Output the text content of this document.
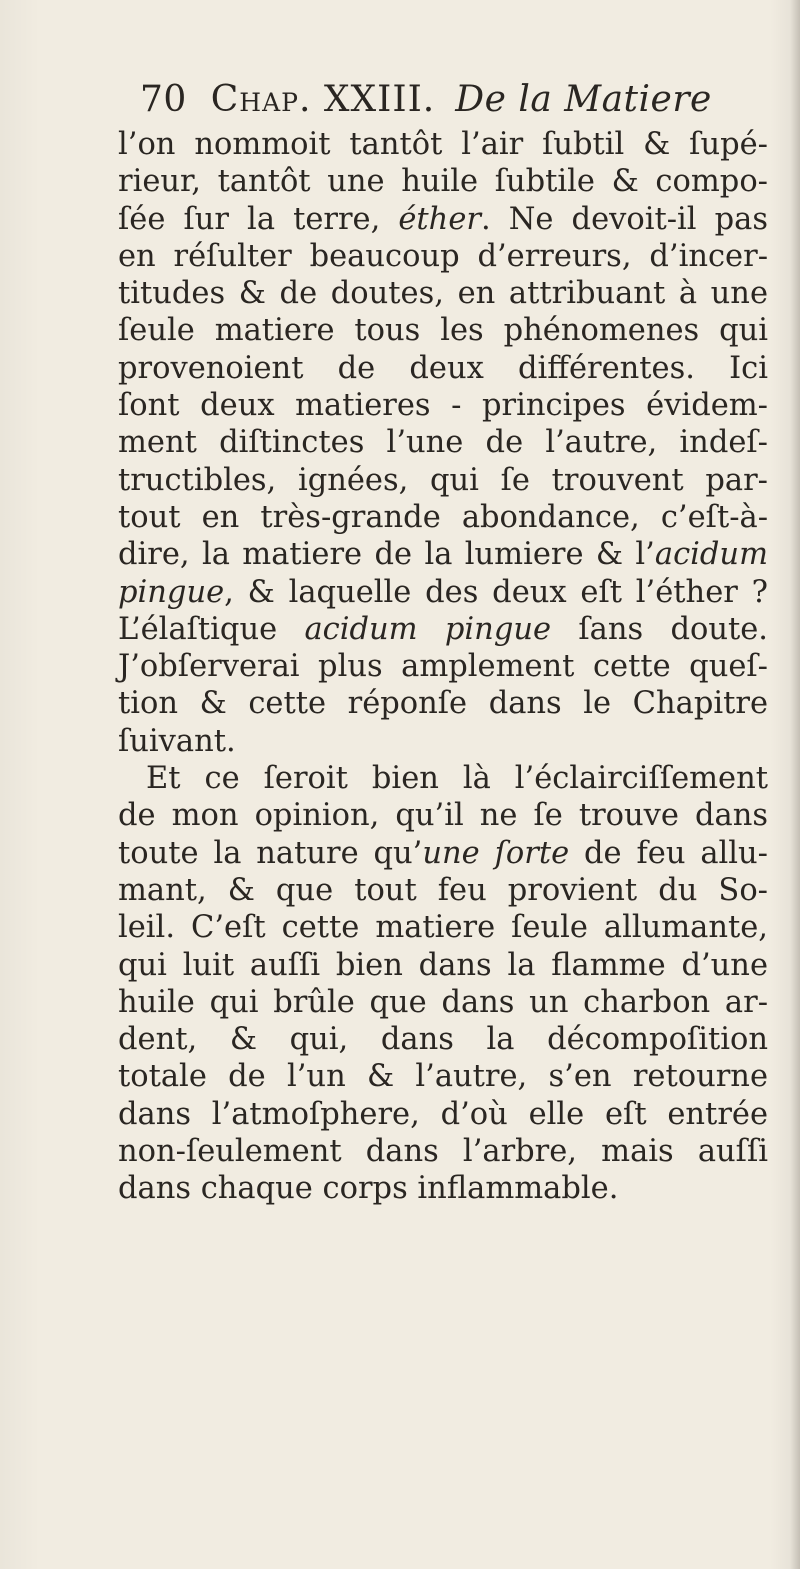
70 Chap. XXIII. De la Matiere
l’on nommoit tantôt l’air ſubtil & ſupé-
rieur, tantôt une huile ſubtile & compo-
ſée ſur la terre, éther. Ne devoit-il pas
en réſulter beaucoup d’erreurs, d’incer-
titudes & de doutes, en attribuant à une
ſeule matiere tous les phénomenes qui
provenoient de deux différentes. Ici
ſont deux matieres - principes évidem-
ment diſtinctes l’une de l’autre, indeſ-
tructibles, ignées, qui ſe trouvent par-
tout en très-grande abondance, c’eſt-à-
dire, la matiere de la lumiere & l’acidum
pingue, & laquelle des deux eſt l’éther ?
L’élaſtique acidum pingue ſans doute.
J’obſerverai plus amplement cette queſ-
tion & cette réponſe dans le Chapitre
ſuivant.
Et ce ſeroit bien là l’éclairciſſement
de mon opinion, qu’il ne ſe trouve dans
toute la nature qu’une ſorte de feu allu-
mant, & que tout feu provient du So-
leil. C’eſt cette matiere ſeule allumante,
qui luit auſſi bien dans la flamme d’une
huile qui brûle que dans un charbon ar-
dent, & qui, dans la décompoſition
totale de l’un & l’autre, s’en retourne
dans l’atmoſphere, d’où elle eſt entrée
non-ſeulement dans l’arbre, mais auſſi
dans chaque corps inflammable.
